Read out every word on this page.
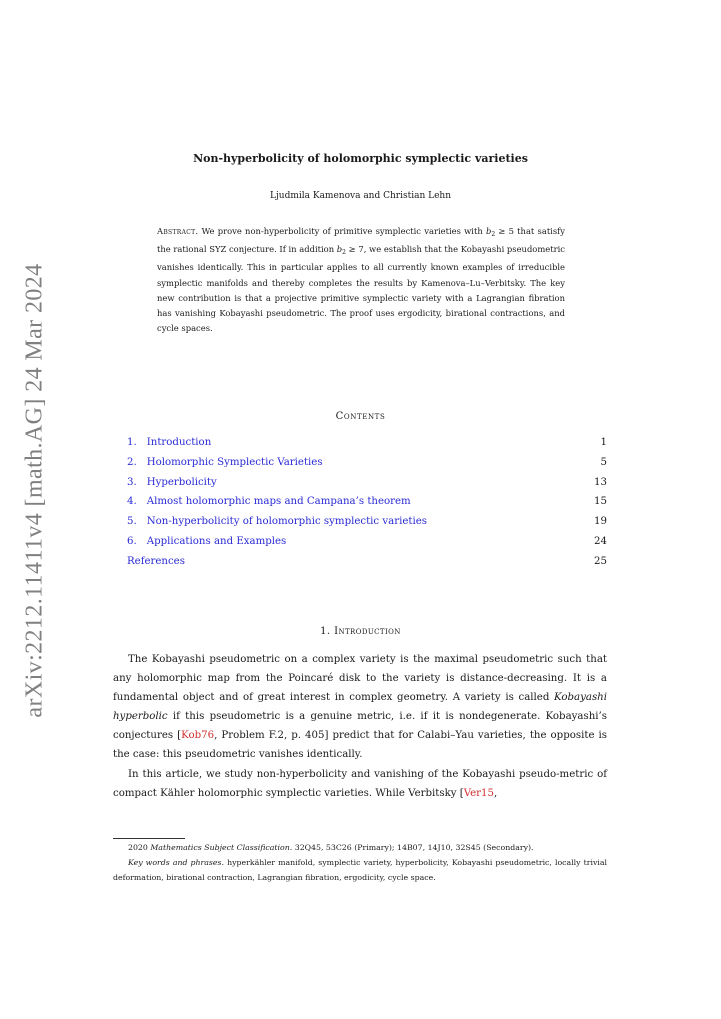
arXiv:2212.11411v4 [math.AG] 24 Mar 2024
Non-hyperbolicity of holomorphic symplectic varieties
Ljudmila Kamenova and Christian Lehn
Abstract. We prove non-hyperbolicity of primitive symplectic varieties with $b_2 \ge 5$ that satisfy the rational SYZ conjecture. If in addition $b_2 \ge 7$, we establish that the Kobayashi pseudometric vanishes identically. This in particular applies to all currently known examples of irreducible symplectic manifolds and thereby completes the results by Kamenova–Lu–Verbitsky. The key new contribution is that a projective primitive symplectic variety with a Lagrangian fibration has vanishing Kobayashi pseudometric. The proof uses ergodicity, birational contractions, and cycle spaces.
Contents
1. Introduction	1
2. Holomorphic Symplectic Varieties	5
3. Hyperbolicity	13
4. Almost holomorphic maps and Campana’s theorem	15
5. Non-hyperbolicity of holomorphic symplectic varieties	19
6. Applications and Examples	24
References	25
1. Introduction

The Kobayashi pseudometric on a complex variety is the maximal pseudometric such that any holomorphic map from the Poincaré disk to the variety is distance-decreasing. It is a fundamental object and of great interest in complex geometry. A variety is called Kobayashi hyperbolic if this pseudometric is a genuine metric, i.e. if it is nondegenerate. Kobayashi’s conjectures [Kob76, Problem F.2, p. 405] predict that for Calabi–Yau varieties, the opposite is the case: this pseudometric vanishes identically.

In this article, we study non-hyperbolicity and vanishing of the Kobayashi pseudo-metric of compact Kähler holomorphic symplectic varieties. While Verbitsky [Ver15,

2020 Mathematics Subject Classification. 32Q45, 53C26 (Primary); 14B07, 14J10, 32S45 (Secondary).

Key words and phrases. hyperkähler manifold, symplectic variety, hyperbolicity, Kobayashi pseudometric, locally trivial deformation, birational contraction, Lagrangian fibration, ergodicity, cycle space.
